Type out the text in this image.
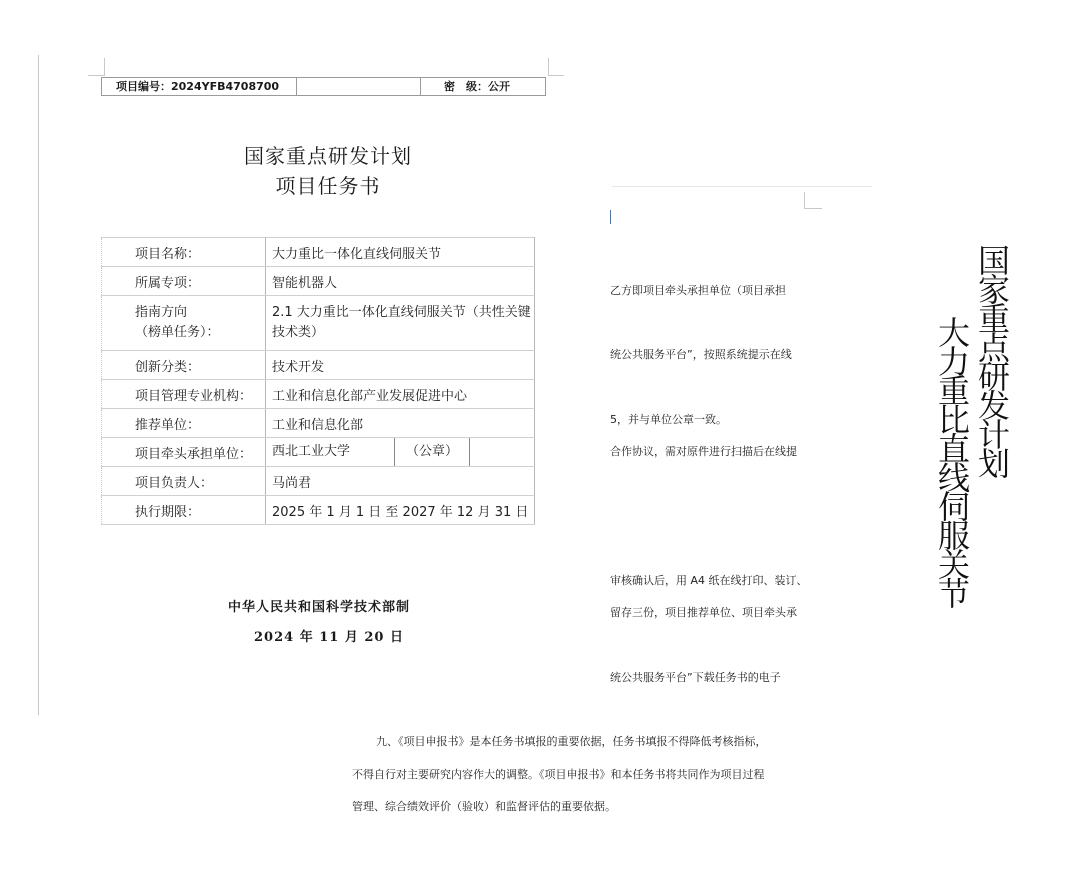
项目编号：2024YFB4708700	密　级：公开
国家重点研发计划
项目任务书
项目名称：	大力重比一体化直线伺服关节
所属专项：	智能机器人
指南方向
（榜单任务）：	2.1 大力重比一体化直线伺服关节（共性关键技术类）
创新分类：	技术开发
项目管理专业机构：	工业和信息化部产业发展促进中心
推荐单位：	工业和信息化部
项目牵头承担单位：	西北工业大学 （公章）
项目负责人：	马尚君
执行期限：	2025 年 1 月 1 日 至 2027 年 12 月 31 日
中华人民共和国科学技术部制
2024 年 11 月 20 日
乙方即项目牵头承担单位（项目承担
统公共服务平台”，按照系统提示在线
5，并与单位公章一致。
合作协议，需对原件进行扫描后在线提
审核确认后，用 A4 纸在线打印、装订、
留存三份，项目推荐单位、项目牵头承
统公共服务平台”下载任务书的电子
九、《项目申报书》是本任务书填报的重要依据，任务书填报不得降低考核指标，
不得自行对主要研究内容作大的调整。《项目申报书》和本任务书将共同作为项目过程
管理、综合绩效评价（验收）和监督评估的重要依据。
国家重点研发计划
大力重比直线伺服关节
